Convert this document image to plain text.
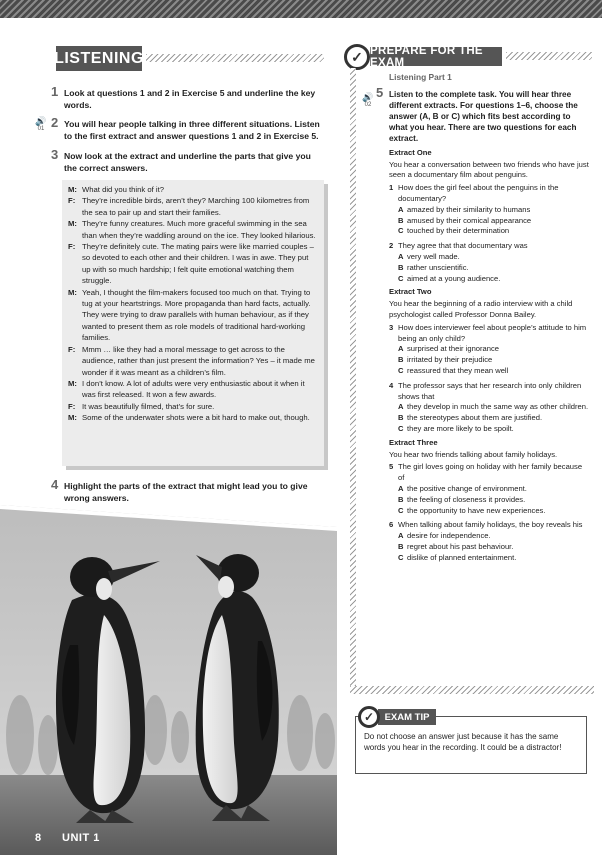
LISTENING
1 Look at questions 1 and 2 in Exercise 5 and underline the key words.
🔊
01 2 You will hear people talking in three different situations. Listen to the first extract and answer questions 1 and 2 in Exercise 5.
3 Now look at the extract and underline the parts that give you the correct answers.
M: What did you think of it?
F: They’re incredible birds, aren’t they? Marching 100 kilometres from the sea to pair up and start their families.
M: They’re funny creatures. Much more graceful swimming in the sea than when they’re waddling around on the ice. They looked hilarious.
F: They’re definitely cute. The mating pairs were like married couples – so devoted to each other and their children. I was in awe. They put up with so much hardship; I felt quite emotional watching them struggle.
M: Yeah, I thought the film-makers focused too much on that. Trying to tug at your heartstrings. More propaganda than hard facts, actually. They were trying to draw parallels with human behaviour, as if they wanted to present them as role models of traditional hard-working families.
F: Mmm … like they had a moral message to get across to the audience, rather than just present the information? Yes – it made me wonder if it was meant as a children’s film.
M: I don’t know. A lot of adults were very enthusiastic about it when it was first released. It won a few awards.
F: It was beautifully filmed, that’s for sure.
M: Some of the underwater shots were a bit hard to make out, though.
4 Highlight the parts of the extract that might lead you to give wrong answers.
8 UNIT 1
✓ PREPARE FOR THE EXAM
🔊
02
Listening Part 1
5 Listen to the complete task. You will hear three different extracts. For questions 1–6, choose the answer (A, B or C) which fits best according to what you hear. There are two questions for each extract.
Extract One
You hear a conversation between two friends who have just seen a documentary film about penguins.
1 How does the girl feel about the penguins in the documentary?
A amazed by their similarity to humans
B amused by their comical appearance
C touched by their determination
2 They agree that that documentary was
A very well made.
B rather unscientific.
C aimed at a young audience.
Extract Two
You hear the beginning of a radio interview with a child psychologist called Professor Donna Bailey.
3 How does interviewer feel about people’s attitude to him being an only child?
A surprised at their ignorance
B irritated by their prejudice
C reassured that they mean well
4 The professor says that her research into only children shows that
A they develop in much the same way as other children.
B the stereotypes about them are justified.
C they are more likely to be spoilt.
Extract Three
You hear two friends talking about family holidays.
5 The girl loves going on holiday with her family because of
A the positive change of environment.
B the feeling of closeness it provides.
C the opportunity to have new experiences.
6 When talking about family holidays, the boy reveals his
A desire for independence.
B regret about his past behaviour.
C dislike of planned entertainment.
✓	EXAM TIP
Do not choose an answer just because it has the same words you hear in the recording. It could be a distractor!
